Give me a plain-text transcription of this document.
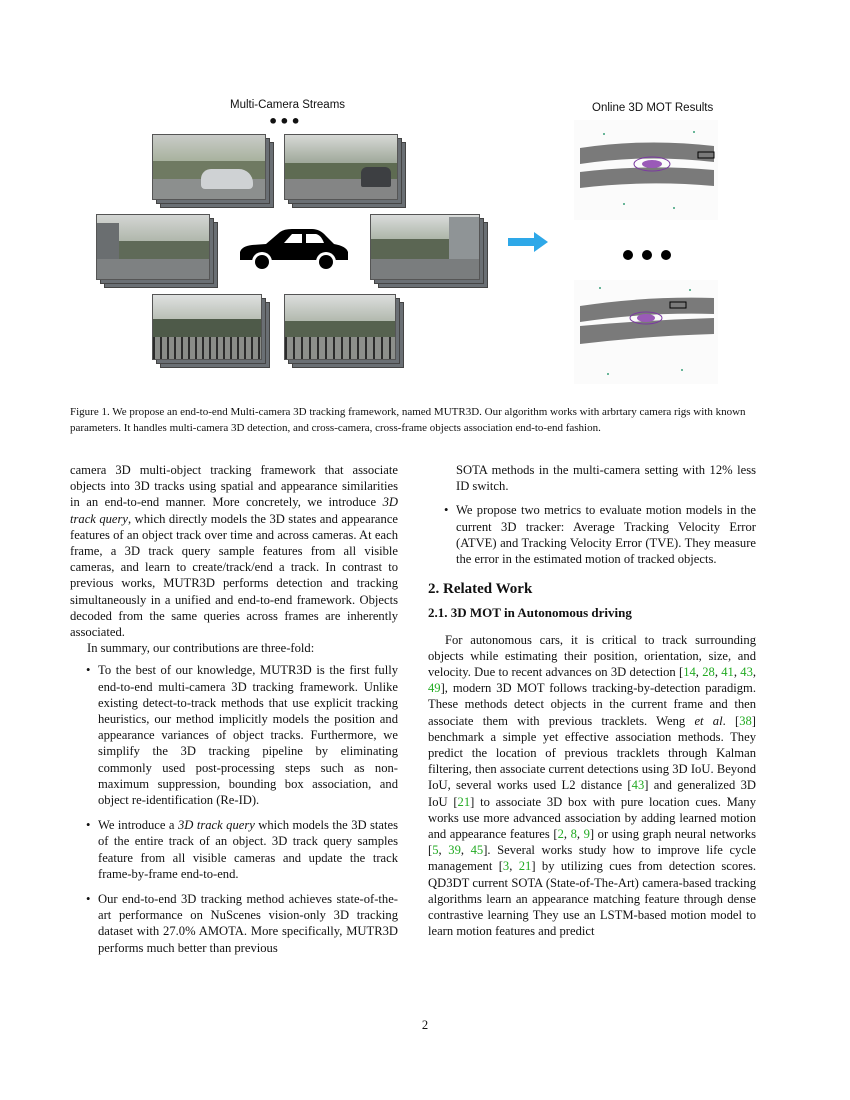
Multi-Camera Streams
•••
Online 3D MOT Results
Figure 1. We propose an end-to-end Multi-camera 3D tracking framework, named MUTR3D. Our algorithm works with arbrtary camera rigs with known parameters. It handles multi-camera 3D detection, and cross-camera, cross-frame objects association end-to-end fashion.

camera 3D multi-object tracking framework that associate objects into 3D tracks using spatial and appearance similarities in an end-to-end manner. More concretely, we introduce 3D track query, which directly models the 3D states and appearance features of an object track over time and across cameras. At each frame, a 3D track query sample features from all visible cameras, and learn to create/track/end a track. In contrast to previous works, MUTR3D performs detection and tracking simultaneously in a unified and end-to-end framework. Objects decoded from the same queries across frames are inherently associated.

In summary, our contributions are three-fold:

• To the best of our knowledge, MUTR3D is the first fully end-to-end multi-camera 3D tracking framework. Unlike existing detect-to-track methods that use explicit tracking heuristics, our method implicitly models the position and appearance variances of object tracks. Furthermore, we simplify the 3D tracking pipeline by eliminating commonly used post-processing steps such as non-maximum suppression, bounding box association, and object re-identification (Re-ID).
• We introduce a 3D track query which models the 3D states of the entire track of an object. 3D track query samples feature from all visible cameras and update the track frame-by-frame end-to-end.
• Our end-to-end 3D tracking method achieves state-of-the-art performance on NuScenes vision-only 3D tracking dataset with 27.0% AMOTA. More specifically, MUTR3D performs much better than previous

SOTA methods in the multi-camera setting with 12% less ID switch.

• We propose two metrics to evaluate motion models in the current 3D tracker: Average Tracking Velocity Error (ATVE) and Tracking Velocity Error (TVE). They measure the error in the estimated motion of tracked objects.
2. Related Work
2.1. 3D MOT in Autonomous driving

For autonomous cars, it is critical to track surrounding objects while estimating their position, orientation, size, and velocity. Due to recent advances on 3D detection [14, 28, 41, 43, 49], modern 3D MOT follows tracking-by-detection paradigm. These methods detect objects in the current frame and then associate them with previous tracklets. Weng et al. [38] benchmark a simple yet effective association methods. They predict the location of previous tracklets through Kalman filtering, then associate current detections using 3D IoU. Beyond IoU, several works used L2 distance [43] and generalized 3D IoU [21] to associate 3D box with pure location cues. Many works use more advanced association by adding learned motion and appearance features [2, 8, 9] or using graph neural networks [5, 39, 45]. Several works study how to improve life cycle management [3, 21] by utilizing cues from detection scores. QD3DT current SOTA (State-of-The-Art) camera-based tracking algorithms learn an appearance matching feature through dense contrastive learning They use an LSTM-based motion model to learn motion features and predict

2
